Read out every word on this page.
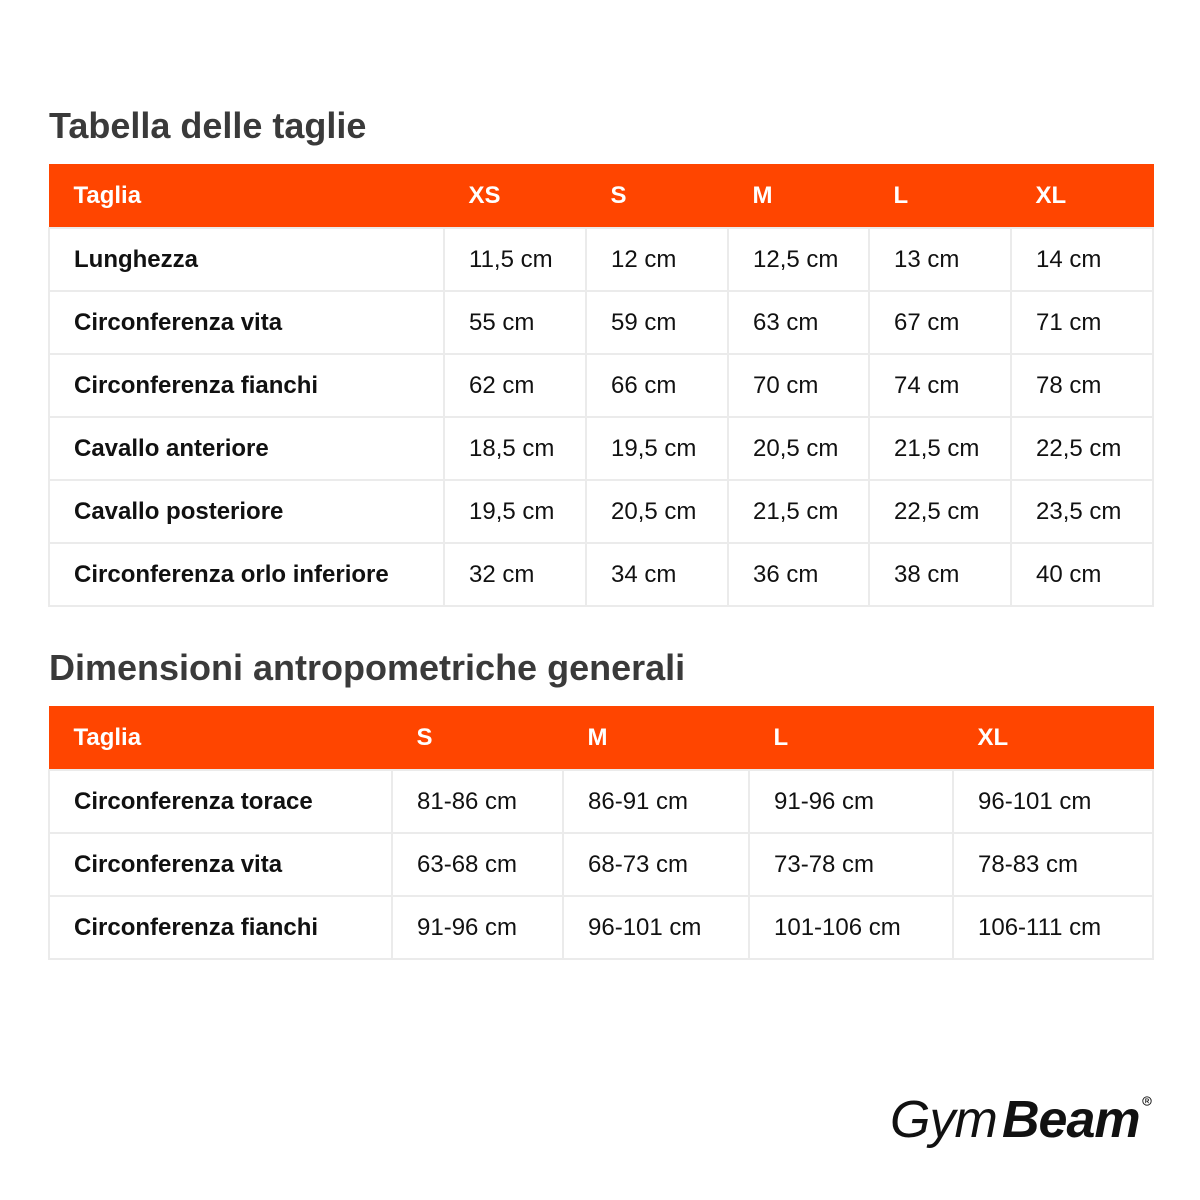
Tabella delle taglie
Taglia	XS	S	M	L	XL
Lunghezza	11,5 cm	12 cm	12,5 cm	13 cm	14 cm
Circonferenza vita	55 cm	59 cm	63 cm	67 cm	71 cm
Circonferenza fianchi	62 cm	66 cm	70 cm	74 cm	78 cm
Cavallo anteriore	18,5 cm	19,5 cm	20,5 cm	21,5 cm	22,5 cm
Cavallo posteriore	19,5 cm	20,5 cm	21,5 cm	22,5 cm	23,5 cm
Circonferenza orlo inferiore	32 cm	34 cm	36 cm	38 cm	40 cm
Dimensioni antropometriche generali
Taglia	S	M	L	XL
Circonferenza torace	81-86 cm	86-91 cm	91-96 cm	96-101 cm
Circonferenza vita	63-68 cm	68-73 cm	73-78 cm	78-83 cm
Circonferenza fianchi	91-96 cm	96-101 cm	101-106 cm	106-111 cm
Gym Beam
